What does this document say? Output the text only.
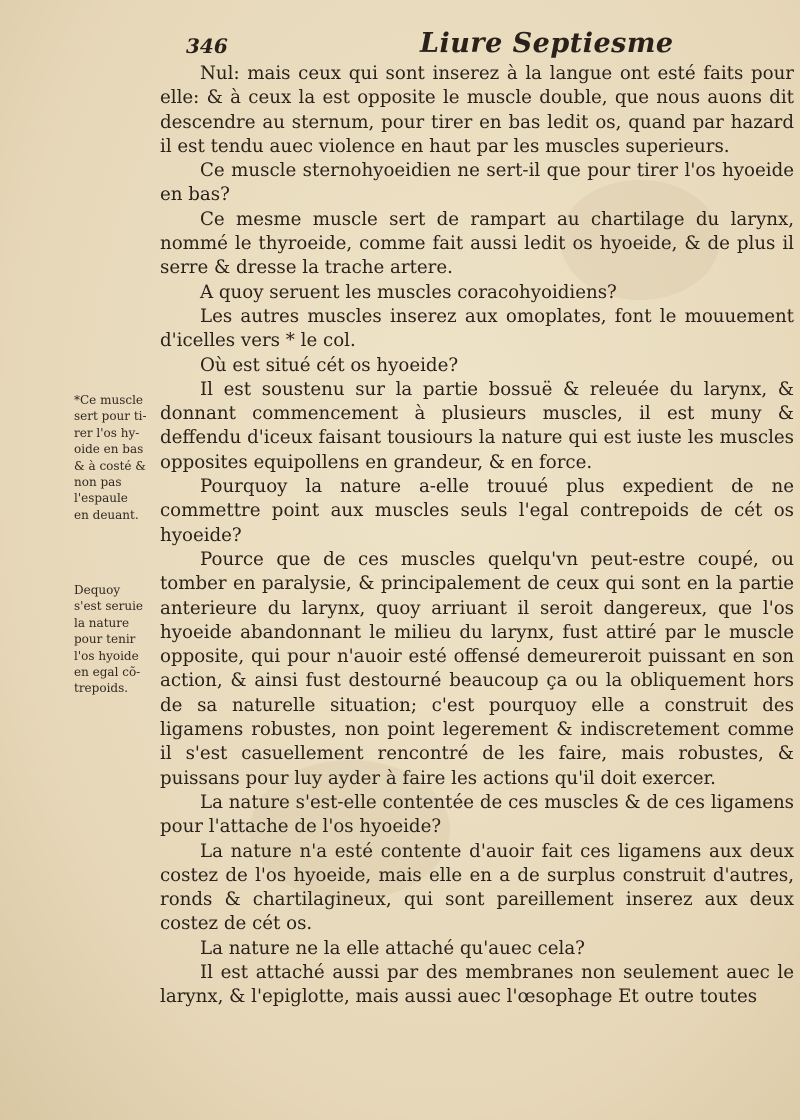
346	Liure Septiesme

Nul: mais ceux qui sont inserez à la langue ont esté faits pour elle: & à ceux la est opposite le muscle double, que nous auons dit descendre au sternum, pour tirer en bas ledit os, quand par hazard il est tendu auec violence en haut par les muscles superieurs.

Ce muscle sternohyoeidien ne sert-il que pour tirer l'os hyoeide en bas?

Ce mesme muscle sert de rampart au chartilage du larynx, nommé le thyroeide, comme fait aussi ledit os hyoeide, & de plus il serre & dresse la trache artere.

A quoy seruent les muscles coracohyoidiens?

Les autres muscles inserez aux omoplates, font le mouuement d'icelles vers * le col.

Où est situé cét os hyoeide?

Il est soustenu sur la partie bossuë & releuée du larynx, & donnant commencement à plusieurs muscles, il est muny & deffendu d'iceux faisant tousiours la nature qui est iuste les muscles opposites equipollens en grandeur, & en force.

Pourquoy la nature a-elle trouué plus expedient de ne commettre point aux muscles seuls l'egal contrepoids de cét os hyoeide?

Pource que de ces muscles quelqu'vn peut-estre coupé, ou tomber en paralysie, & principalement de ceux qui sont en la partie anterieure du larynx, quoy arriuant il seroit dangereux, que l'os hyoeide abandonnant le milieu du larynx, fust attiré par le muscle opposite, qui pour n'auoir esté offensé demeureroit puissant en son action, & ainsi fust destourné beaucoup ça ou la obliquement hors de sa naturelle situation; c'est pourquoy elle a construit des ligamens robustes, non point legerement & indiscretement comme il s'est casuellement rencontré de les faire, mais robustes, & puissans pour luy ayder à faire les actions qu'il doit exercer.

La nature s'est-elle contentée de ces muscles & de ces ligamens pour l'attache de l'os hyoeide?

La nature n'a esté contente d'auoir fait ces ligamens aux deux costez de l'os hyoeide, mais elle en a de surplus construit d'autres, ronds & chartilagineux, qui sont pareillement inserez aux deux costez de cét os.

La nature ne la elle attaché qu'auec cela?

Il est attaché aussi par des membranes non seulement auec le larynx, & l'epiglotte, mais aussi auec l'œsophage Et outre toutes

*Ce muscle
sert pour ti-
rer l'os hy-
oide en bas
& à costé &
non pas
l'espaule
en deuant.
Dequoy
s'est seruie
la nature
pour tenir
l'os hyoide
en egal cõ-
trepoids.
